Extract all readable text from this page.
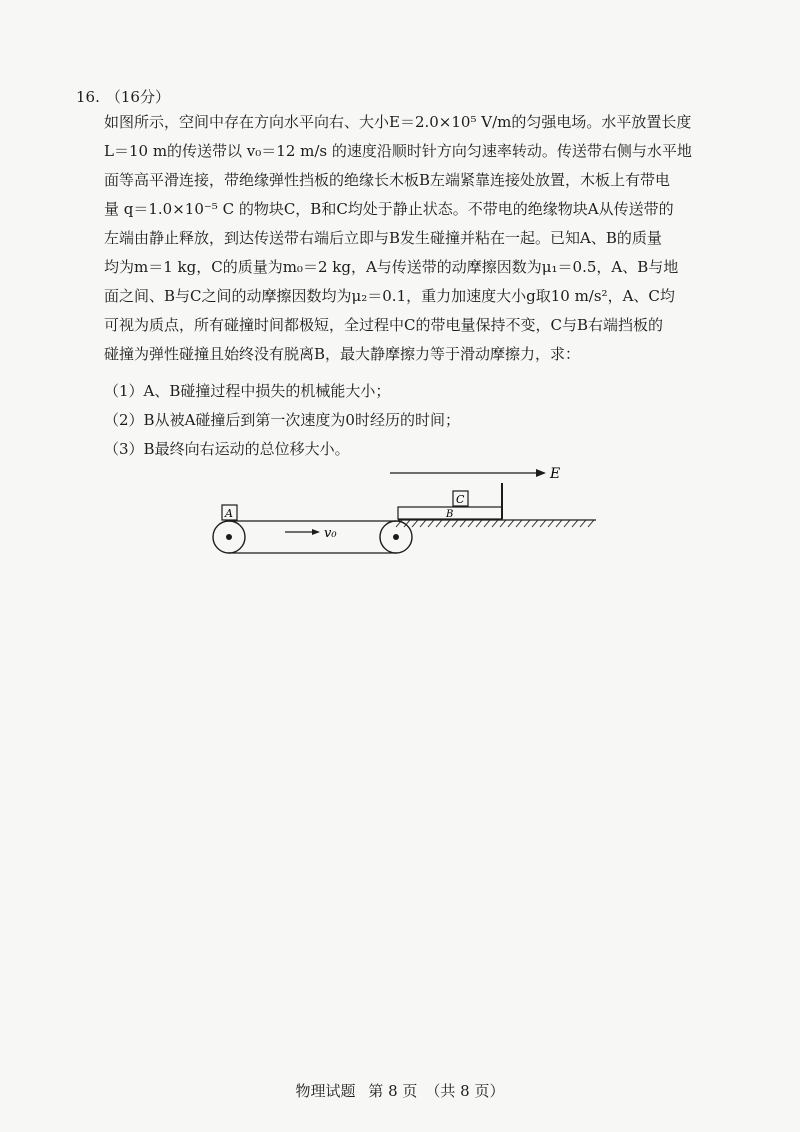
16. （16分）
如图所示，空间中存在方向水平向右、大小E＝2.0×10⁵ V/m的匀强电场。水平放置长度
L＝10 m的传送带以 v₀＝12 m/s 的速度沿顺时针方向匀速率转动。传送带右侧与水平地
面等高平滑连接，带绝缘弹性挡板的绝缘长木板B左端紧靠连接处放置，木板上有带电
量 q＝1.0×10⁻⁵ C 的物块C，B和C均处于静止状态。不带电的绝缘物块A从传送带的
左端由静止释放，到达传送带右端后立即与B发生碰撞并粘在一起。已知A、B的质量
均为m＝1 kg，C的质量为m₀＝2 kg，A与传送带的动摩擦因数为μ₁＝0.5，A、B与地
面之间、B与C之间的动摩擦因数均为μ₂＝0.1，重力加速度大小g取10 m/s²，A、C均
可视为质点，所有碰撞时间都极短，全过程中C的带电量保持不变，C与B右端挡板的
碰撞为弹性碰撞且始终没有脱离B，最大静摩擦力等于滑动摩擦力，求：
（1）A、B碰撞过程中损失的机械能大小；
（2）B从被A碰撞后到第一次速度为0时经历的时间；
（3）B最终向右运动的总位移大小。
E
A
v₀
B
C
物理试题 第 8 页 （共 8 页）
